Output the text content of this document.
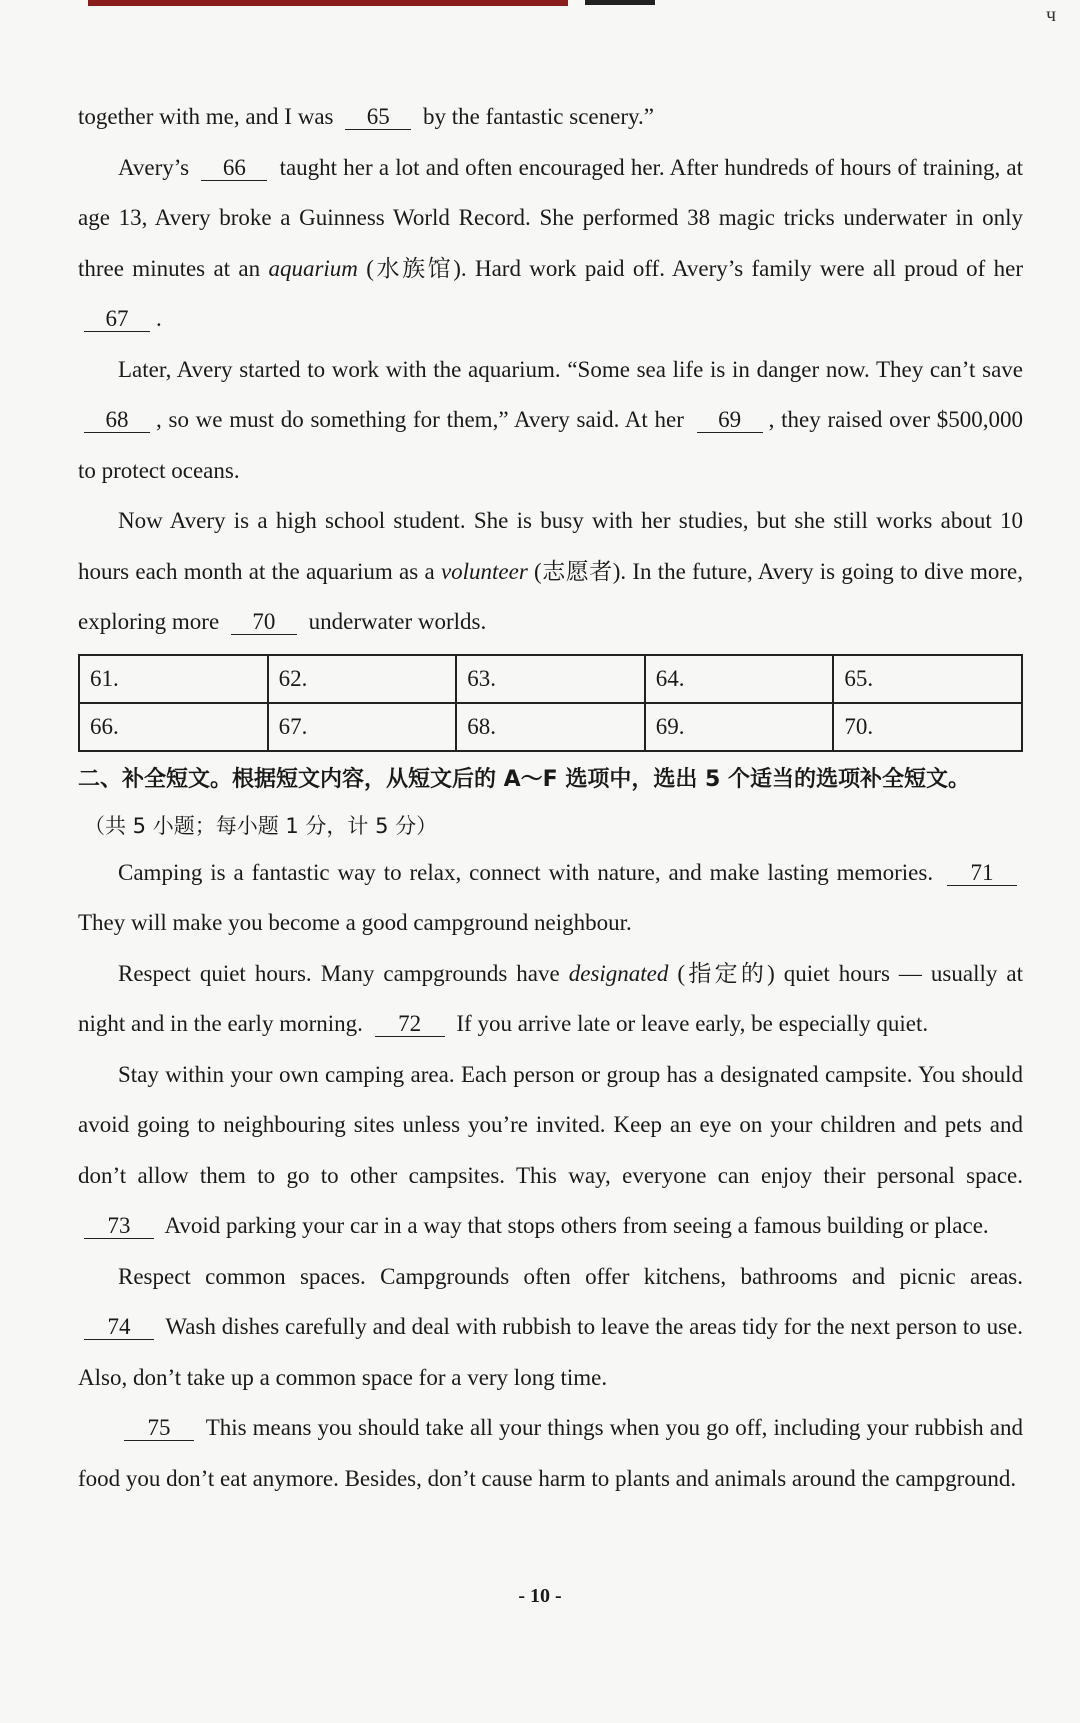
ч

together with me, and I was 65 by the fantastic scenery.”

Avery’s 66 taught her a lot and often encouraged her. After hundreds of hours of training, at age 13, Avery broke a Guinness World Record. She performed 38 magic tricks underwater in only three minutes at an aquarium (水族馆). Hard work paid off. Avery’s family were all proud of her 67 .

Later, Avery started to work with the aquarium. “Some sea life is in danger now. They can’t save 68 , so we must do something for them,” Avery said. At her 69 , they raised over $500,000 to protect oceans.

Now Avery is a high school student. She is busy with her studies, but she still works about 10 hours each month at the aquarium as a volunteer (志愿者). In the future, Avery is going to dive more, exploring more 70 underwater worlds.

61.	62.	63.	64.	65.
66.	67.	68.	69.	70.
二、补全短文。根据短文内容，从短文后的 A～F 选项中，选出 5 个适当的选项补全短文。
（共 5 小题；每小题 1 分，计 5 分）

Camping is a fantastic way to relax, connect with nature, and make lasting memories. 71 They will make you become a good campground neighbour.

Respect quiet hours. Many campgrounds have designated (指定的) quiet hours — usually at night and in the early morning. 72 If you arrive late or leave early, be especially quiet.

Stay within your own camping area. Each person or group has a designated campsite. You should avoid going to neighbouring sites unless you’re invited. Keep an eye on your children and pets and don’t allow them to go to other campsites. This way, everyone can enjoy their personal space. 73 Avoid parking your car in a way that stops others from seeing a famous building or place.

Respect common spaces. Campgrounds often offer kitchens, bathrooms and picnic areas. 74 Wash dishes carefully and deal with rubbish to leave the areas tidy for the next person to use. Also, don’t take up a common space for a very long time.

75 This means you should take all your things when you go off, including your rubbish and food you don’t eat anymore. Besides, don’t cause harm to plants and animals around the campground.

- 10 -
